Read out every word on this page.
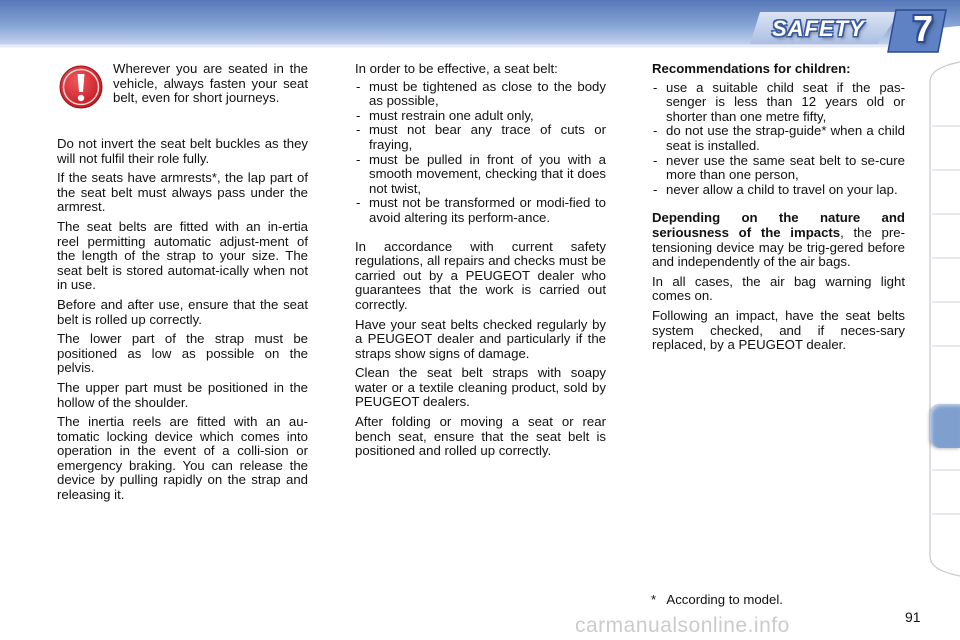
SAFETY 7
Wherever you are seated in the vehicle, always fasten your seat belt, even for short journeys.

Do not invert the seat belt buckles as they will not fulfil their role fully.

If the seats have armrests*, the lap part of the seat belt must always pass under the armrest.

The seat belts are fitted with an in-ertia reel permitting automatic adjust-ment of the length of the strap to your size. The seat belt is stored automat-ically when not in use.

Before and after use, ensure that the seat belt is rolled up correctly.

The lower part of the strap must be positioned as low as possible on the pelvis.

The upper part must be positioned in the hollow of the shoulder.

The inertia reels are fitted with an au-tomatic locking device which comes into operation in the event of a colli-sion or emergency braking. You can release the device by pulling rapidly on the strap and releasing it.

In order to be effective, a seat belt:

- must be tightened as close to the body as possible,
- must restrain one adult only,
- must not bear any trace of cuts or fraying,
- must be pulled in front of you with a smooth movement, checking that it does not twist,
- must not be transformed or modi-fied to avoid altering its perform-ance.

In accordance with current safety regulations, all repairs and checks must be carried out by a PEUGEOT dealer who guarantees that the work is carried out correctly.

Have your seat belts checked regularly by a PEUGEOT dealer and particularly if the straps show signs of damage.

Clean the seat belt straps with soapy water or a textile cleaning product, sold by PEUGEOT dealers.

After folding or moving a seat or rear bench seat, ensure that the seat belt is positioned and rolled up correctly.

Recommendations for children:

- use a suitable child seat if the pas-senger is less than 12 years old or shorter than one metre fifty,
- do not use the strap-guide* when a child seat is installed.
- never use the same seat belt to se-cure more than one person,
- never allow a child to travel on your lap.

Depending on the nature and seriousness of the impacts, the pre-tensioning device may be trig-gered before and independently of the air bags.

In all cases, the air bag warning light comes on.

Following an impact, have the seat belts system checked, and if neces-sary replaced, by a PEUGEOT dealer.

*   According to model.
carmanualsonline.info	91
